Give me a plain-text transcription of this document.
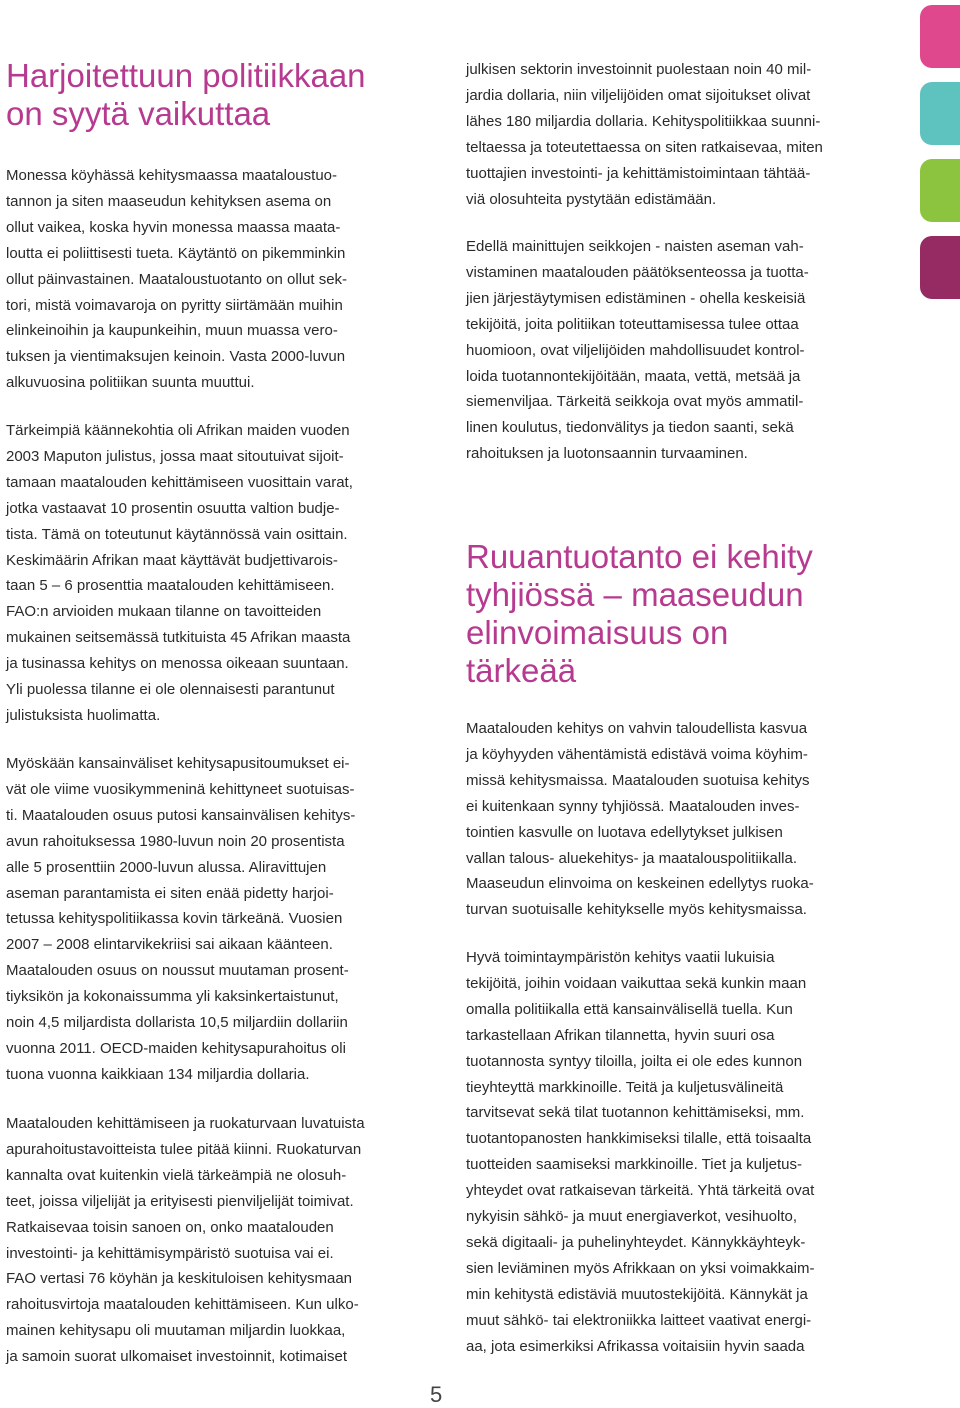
Harjoitettuun politiikkaan
on syytä vaikuttaa

Monessa köyhässä kehitysmaassa maataloustuo-
tannon ja siten maaseudun kehityksen asema on
ollut vaikea, koska hyvin monessa maassa maata-
loutta ei poliittisesti tueta. Käytäntö on pikemminkin
ollut päinvastainen. Maataloustuotanto on ollut sek-
tori, mistä voimavaroja on pyritty siirtämään muihin
elinkeinoihin ja kaupunkeihin, muun muassa vero-
tuksen ja vientimaksujen keinoin. Vasta 2000-luvun
alkuvuosina politiikan suunta muuttui.

Tärkeimpiä käännekohtia oli Afrikan maiden vuoden
2003 Maputon julistus, jossa maat sitoutuivat sijoit-
tamaan maatalouden kehittämiseen vuosittain varat,
jotka vastaavat 10 prosentin osuutta valtion budje-
tista. Tämä on toteutunut käytännössä vain osittain.
Keskimäärin Afrikan maat käyttävät budjettivarois-
taan 5 – 6 prosenttia maatalouden kehittämiseen.
FAO:n arvioiden mukaan tilanne on tavoitteiden
mukainen seitsemässä tutkituista 45 Afrikan maasta
ja tusinassa kehitys on menossa oikeaan suuntaan.
Yli puolessa tilanne ei ole olennaisesti parantunut
julistuksista huolimatta.

Myöskään kansainväliset kehitysapusitoumukset ei-
vät ole viime vuosikymmeninä kehittyneet suotuisas-
ti. Maatalouden osuus putosi kansainvälisen kehitys-
avun rahoituksessa 1980-luvun noin 20 prosentista
alle 5 prosenttiin 2000-luvun alussa. Aliravittujen
aseman parantamista ei siten enää pidetty harjoi-
tetussa kehityspolitiikassa kovin tärkeänä. Vuosien
2007 – 2008 elintarvikekriisi sai aikaan käänteen.
Maatalouden osuus on noussut muutaman prosent-
tiyksikön ja kokonaissumma yli kaksinkertaistunut,
noin 4,5 miljardista dollarista 10,5 miljardiin dollariin
vuonna 2011. OECD-maiden kehitysapurahoitus oli
tuona vuonna kaikkiaan 134 miljardia dollaria.

Maatalouden kehittämiseen ja ruokaturvaan luvatuista
apurahoitustavoitteista tulee pitää kiinni. Ruokaturvan
kannalta ovat kuitenkin vielä tärkeämpiä ne olosuh-
teet, joissa viljelijät ja erityisesti pienviljelijät toimivat.
Ratkaisevaa toisin sanoen on, onko maatalouden
investointi- ja kehittämisympäristö suotuisa vai ei.
FAO vertasi 76 köyhän ja keskituloisen kehitysmaan
rahoitusvirtoja maatalouden kehittämiseen. Kun ulko-
mainen kehitysapu oli muutaman miljardin luokkaa,
ja samoin suorat ulkomaiset investoinnit, kotimaiset

julkisen sektorin investoinnit puolestaan noin 40 mil-
jardia dollaria, niin viljelijöiden omat sijoitukset olivat
lähes 180 miljardia dollaria. Kehityspolitiikkaa suunni-
teltaessa ja toteutettaessa on siten ratkaisevaa, miten
tuottajien investointi- ja kehittämistoimintaan tähtää-
viä olosuhteita pystytään edistämään.

Edellä mainittujen seikkojen - naisten aseman vah-
vistaminen maatalouden päätöksenteossa ja tuotta-
jien järjestäytymisen edistäminen - ohella keskeisiä
tekijöitä, joita politiikan toteuttamisessa tulee ottaa
huomioon, ovat viljelijöiden mahdollisuudet kontrol-
loida tuotannontekijöitään, maata, vettä, metsää ja
siemenviljaa. Tärkeitä seikkoja ovat myös ammatil-
linen koulutus, tiedonvälitys ja tiedon saanti, sekä
rahoituksen ja luotonsaannin turvaaminen.

Ruuantuotanto ei kehity
tyhjiössä – maaseudun
elinvoimaisuus on
tärkeää

Maatalouden kehitys on vahvin taloudellista kasvua
ja köyhyyden vähentämistä edistävä voima köyhim-
missä kehitysmaissa. Maatalouden suotuisa kehitys
ei kuitenkaan synny tyhjiössä. Maatalouden inves-
tointien kasvulle on luotava edellytykset julkisen
vallan talous- aluekehitys- ja maatalouspolitiikalla.
Maaseudun elinvoima on keskeinen edellytys ruoka-
turvan suotuisalle kehitykselle myös kehitysmaissa.

Hyvä toimintaympäristön kehitys vaatii lukuisia
tekijöitä, joihin voidaan vaikuttaa sekä kunkin maan
omalla politiikalla että kansainvälisellä tuella. Kun
tarkastellaan Afrikan tilannetta, hyvin suuri osa
tuotannosta syntyy tiloilla, joilta ei ole edes kunnon
tieyhteyttä markkinoille. Teitä ja kuljetusvälineitä
tarvitsevat sekä tilat tuotannon kehittämiseksi, mm.
tuotantopanosten hankkimiseksi tilalle, että toisaalta
tuotteiden saamiseksi markkinoille. Tiet ja kuljetus-
yhteydet ovat ratkaisevan tärkeitä. Yhtä tärkeitä ovat
nykyisin sähkö- ja muut energiaverkot, vesihuolto,
sekä digitaali- ja puhelinyhteydet. Kännykkäyhteyk-
sien leviäminen myös Afrikkaan on yksi voimakkaim-
min kehitystä edistäviä muutostekijöitä. Kännykät ja
muut sähkö- tai elektroniikka laitteet vaativat energi-
aa, jota esimerkiksi Afrikassa voitaisiin hyvin saada

5
